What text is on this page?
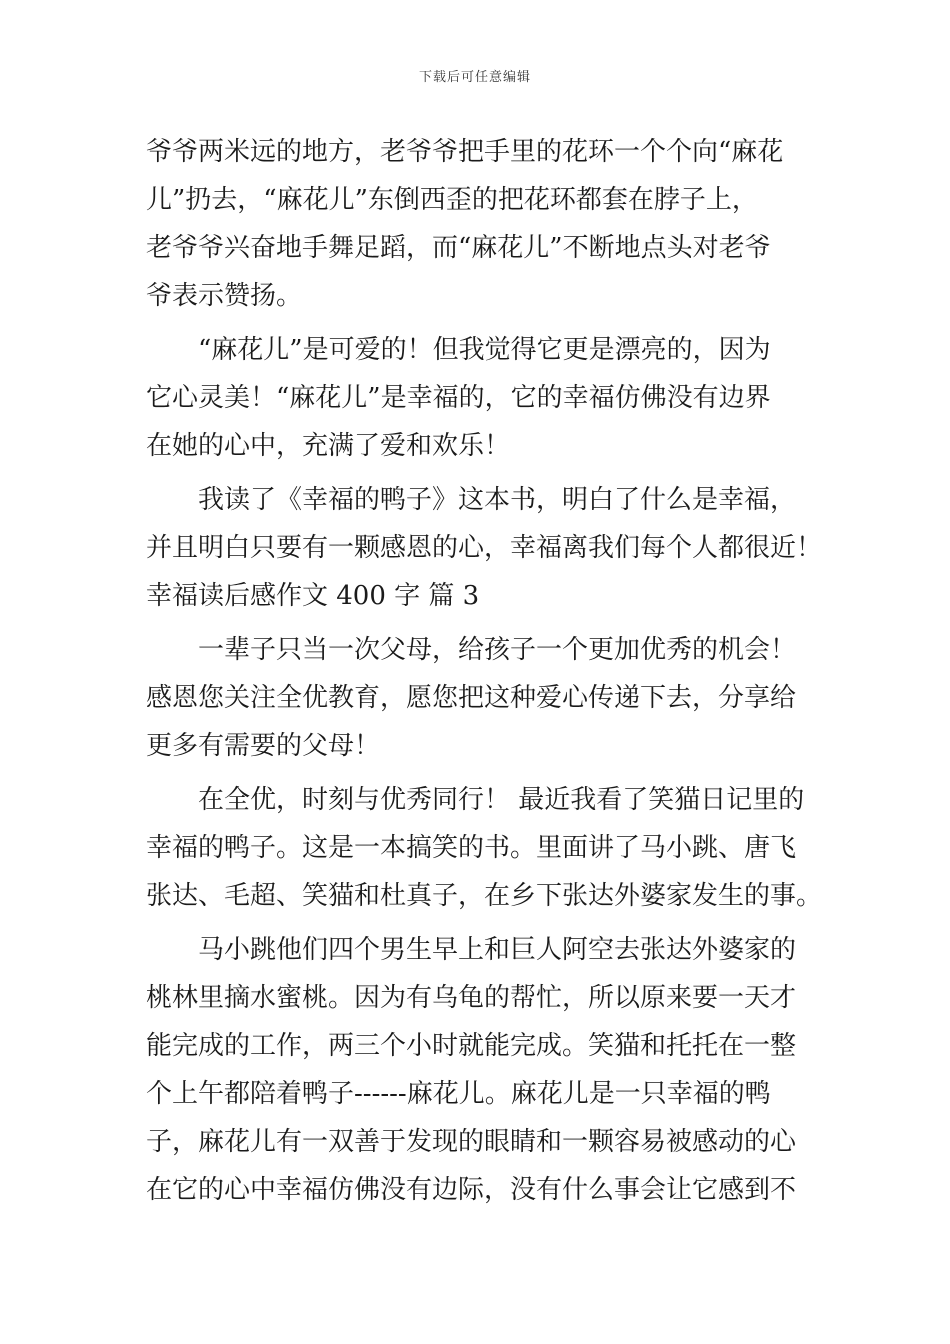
下载后可任意编辑
爷爷两米远的地方，老爷爷把手里的花环一个个向“麻花
儿”扔去，“麻花儿”东倒西歪的把花环都套在脖子上，
老爷爷兴奋地手舞足蹈，而“麻花儿”不断地点头对老爷
爷表示赞扬。
“麻花儿”是可爱的！但我觉得它更是漂亮的，因为
它心灵美！“麻花儿”是幸福的，它的幸福仿佛没有边界
在她的心中，充满了爱和欢乐！
我读了《幸福的鸭子》这本书，明白了什么是幸福，
并且明白只要有一颗感恩的心，幸福离我们每个人都很近！
幸福读后感作文 400 字 篇 3
一辈子只当一次父母，给孩子一个更加优秀的机会！
感恩您关注全优教育，愿您把这种爱心传递下去，分享给
更多有需要的父母！
在全优，时刻与优秀同行！ 最近我看了笑猫日记里的
幸福的鸭子。这是一本搞笑的书。里面讲了马小跳、唐飞
张达、毛超、笑猫和杜真子，在乡下张达外婆家发生的事。
马小跳他们四个男生早上和巨人阿空去张达外婆家的
桃林里摘水蜜桃。因为有乌龟的帮忙，所以原来要一天才
能完成的工作，两三个小时就能完成。笑猫和托托在一整
个上午都陪着鸭子------麻花儿。麻花儿是一只幸福的鸭
子，麻花儿有一双善于发现的眼睛和一颗容易被感动的心
在它的心中幸福仿佛没有边际，没有什么事会让它感到不
